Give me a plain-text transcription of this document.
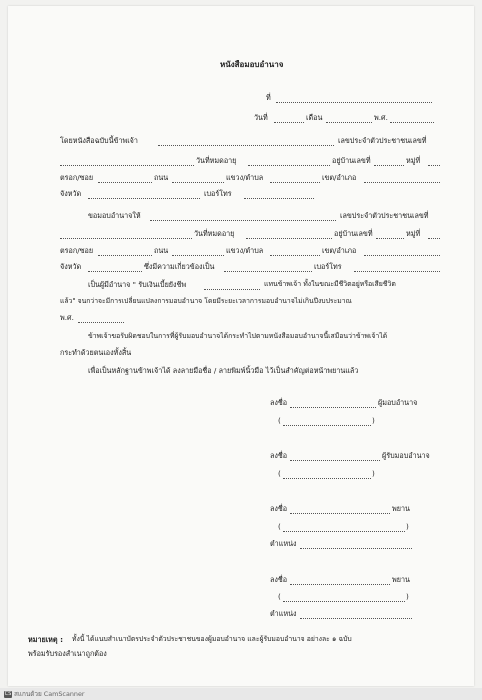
หนังสือมอบอำนาจ
ที่
วันที่	เดือน	พ.ศ.
โดยหนังสือฉบับนี้ข้าพเจ้า	เลขประจำตัวประชาชนเลขที่
วันที่หมดอายุ	อยู่บ้านเลขที่	หมู่ที่
ตรอก/ซอย	ถนน	แขวง/ตำบล	เขต/อำเภอ
จังหวัด	เบอร์โทร
ขอมอบอำนาจให้	เลขประจำตัวประชาชนเลขที่
วันที่หมดอายุ	อยู่บ้านเลขที่	หมู่ที่
ตรอก/ซอย	ถนน	แขวง/ตำบล	เขต/อำเภอ
จังหวัด	ซึ่งมีความเกี่ยวข้องเป็น	เบอร์โทร
เป็นผู้มีอำนาจ " รับเงินเบี้ยยังชีพ	แทนข้าพเจ้า ทั้งในขณะมีชีวิตอยู่หรือเสียชีวิต
แล้ว" จนกว่าจะมีการเปลี่ยนแปลงการมอบอำนาจ โดยมีระยะเวลาการมอบอำนาจไม่เกินปีงบประมาณ
พ.ศ.
ข้าพเจ้าขอรับผิดชอบในการที่ผู้รับมอบอำนาจได้กระทำไปตามหนังสือมอบอำนาจนี้เสมือนว่าข้าพเจ้าได้
กระทำด้วยตนเองทั้งสิ้น
เพื่อเป็นหลักฐานข้าพเจ้าได้ ลงลายมือชื่อ / ลายพิมพ์นิ้วมือ ไว้เป็นสำคัญต่อหน้าพยานแล้ว
ลงชื่อ	ผู้มอบอำนาจ
(	)
ลงชื่อ	ผู้รับมอบอำนาจ
(	)
ลงชื่อ	พยาน
(	)
ตำแหน่ง
ลงชื่อ	พยาน
(	)
ตำแหน่ง
หมายเหตุ : ทั้งนี้ ได้แนบสำเนาบัตรประจำตัวประชาชนของผู้มอบอำนาจ และผู้รับมอบอำนาจ อย่างละ ๑ ฉบับ
พร้อมรับรองสำเนาถูกต้อง
CS สแกนด้วย CamScanner
